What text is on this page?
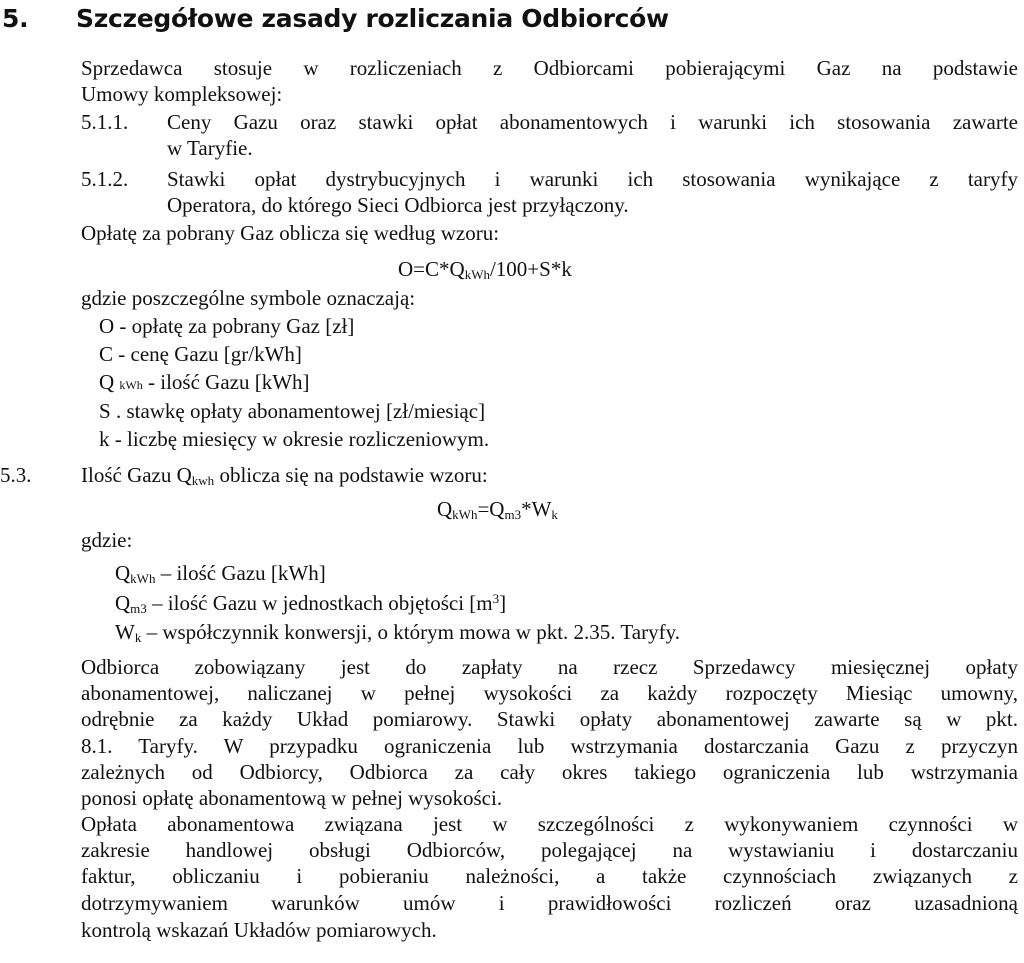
5. Szczegółowe zasady rozliczania Odbiorców
Sprzedawca stosuje w rozliczeniach z Odbiorcami pobierającymi Gaz na podstawie
Umowy kompleksowej:
5.1.1. Ceny Gazu oraz stawki opłat abonamentowych i warunki ich stosowania zawarte
w Taryfie.
5.1.2. Stawki opłat dystrybucyjnych i warunki ich stosowania wynikające z taryfy
Operatora, do którego Sieci Odbiorca jest przyłączony.
Opłatę za pobrany Gaz oblicza się według wzoru:
$O=C*Q_{kWh}/100+S*k$
gdzie poszczególne symbole oznaczają:
O - opłatę za pobrany Gaz [zł]
C - cenę Gazu [gr/kWh]
Q kWh - ilość Gazu [kWh]
S . stawkę opłaty abonamentowej [zł/miesiąc]
k - liczbę miesięcy w okresie rozliczeniowym.
5.3. Ilość Gazu $Q_{kwh}$ oblicza się na podstawie wzoru:
$Q_{kWh}=Q_{m3}*W_k$
gdzie:
$Q_{kWh}$ – ilość Gazu [kWh]
$Q_{m3}$ – ilość Gazu w jednostkach objętości $[m^3]$
$W_k$ – współczynnik konwersji, o którym mowa w pkt. 2.35. Taryfy.
Odbiorca zobowiązany jest do zapłaty na rzecz Sprzedawcy miesięcznej opłaty
abonamentowej, naliczanej w pełnej wysokości za każdy rozpoczęty Miesiąc umowny,
odrębnie za każdy Układ pomiarowy. Stawki opłaty abonamentowej zawarte są w pkt.
8.1. Taryfy. W przypadku ograniczenia lub wstrzymania dostarczania Gazu z przyczyn
zależnych od Odbiorcy, Odbiorca za cały okres takiego ograniczenia lub wstrzymania
ponosi opłatę abonamentową w pełnej wysokości.
Opłata abonamentowa związana jest w szczególności z wykonywaniem czynności w
zakresie handlowej obsługi Odbiorców, polegającej na wystawianiu i dostarczaniu
faktur, obliczaniu i pobieraniu należności, a także czynnościach związanych z
dotrzymywaniem warunków umów i prawidłowości rozliczeń oraz uzasadnioną
kontrolą wskazań Układów pomiarowych.
